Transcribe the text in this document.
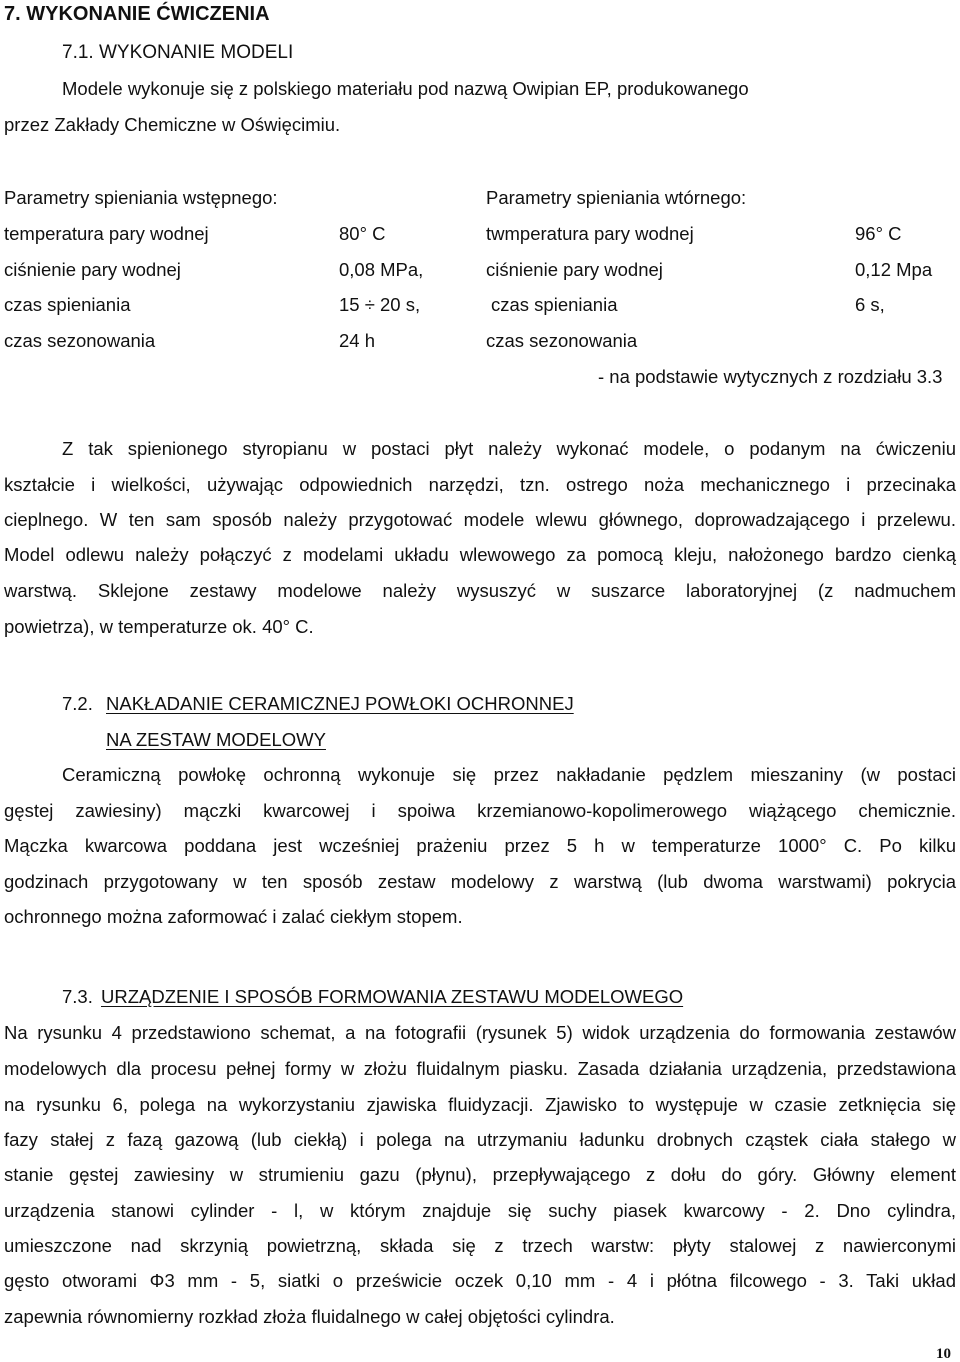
7. WYKONANIE ĆWICZENIA
7.1. WYKONANIE MODELI
Modele wykonuje się z polskiego materiału pod nazwą Owipian EP, produkowanego
przez Zakłady Chemiczne w Oświęcimiu.
Parametry spieniania wstępnego:	Parametry spieniania wtórnego:
temperatura pary wodnej	80° C	twmperatura pary wodnej	96° C
ciśnienie pary wodnej	0,08 MPa,	ciśnienie pary wodnej	0,12 Mpa
czas spieniania	15 ÷ 20 s,	czas spieniania	6 s,
czas sezonowania	24 h	czas sezonowania
- na podstawie wytycznych z rozdziału 3.3
Z tak spienionego styropianu w postaci płyt należy wykonać modele, o podanym na ćwiczeniu
kształcie i wielkości, używając odpowiednich narzędzi, tzn. ostrego noża mechanicznego i przecinaka
cieplnego. W ten sam sposób należy przygotować modele wlewu głównego, doprowadzającego i przelewu.
Model odlewu należy połączyć z modelami układu wlewowego za pomocą kleju, nałożonego bardzo cienką
warstwą. Sklejone zestawy modelowe należy wysuszyć w suszarce laboratoryjnej (z nadmuchem
powietrza), w temperaturze ok. 40° C.
7.2. NAKŁADANIE CERAMICZNEJ POWŁOKI OCHRONNEJ
NA ZESTAW MODELOWY
Ceramiczną powłokę ochronną wykonuje się przez nakładanie pędzlem mieszaniny (w postaci
gęstej zawiesiny) mączki kwarcowej i spoiwa krzemianowo-kopolimerowego wiążącego chemicznie.
Mączka kwarcowa poddana jest wcześniej prażeniu przez 5 h w temperaturze 1000° C. Po kilku
godzinach przygotowany w ten sposób zestaw modelowy z warstwą (lub dwoma warstwami) pokrycia
ochronnego można zaformować i zalać ciekłym stopem.
7.3. URZĄDZENIE I SPOSÓB FORMOWANIA ZESTAWU MODELOWEGO
Na rysunku 4 przedstawiono schemat, a na fotografii (rysunek 5) widok urządzenia do formowania zestawów
modelowych dla procesu pełnej formy w złożu fluidalnym piasku. Zasada działania urządzenia, przedstawiona
na rysunku 6, polega na wykorzystaniu zjawiska fluidyzacji. Zjawisko to występuje w czasie zetknięcia się
fazy stałej z fazą gazową (lub ciekłą) i polega na utrzymaniu ładunku drobnych cząstek ciała stałego w
stanie gęstej zawiesiny w strumieniu gazu (płynu), przepływającego z dołu do góry. Główny element
urządzenia stanowi cylinder - l, w którym znajduje się suchy piasek kwarcowy - 2. Dno cylindra,
umieszczone nad skrzynią powietrzną, składa się z trzech warstw: płyty stalowej z nawierconymi
gęsto otworami Φ3 mm - 5, siatki o prześwicie oczek 0,10 mm - 4 i płótna filcowego - 3. Taki układ
zapewnia równomierny rozkład złoża fluidalnego w całej objętości cylindra.
10
